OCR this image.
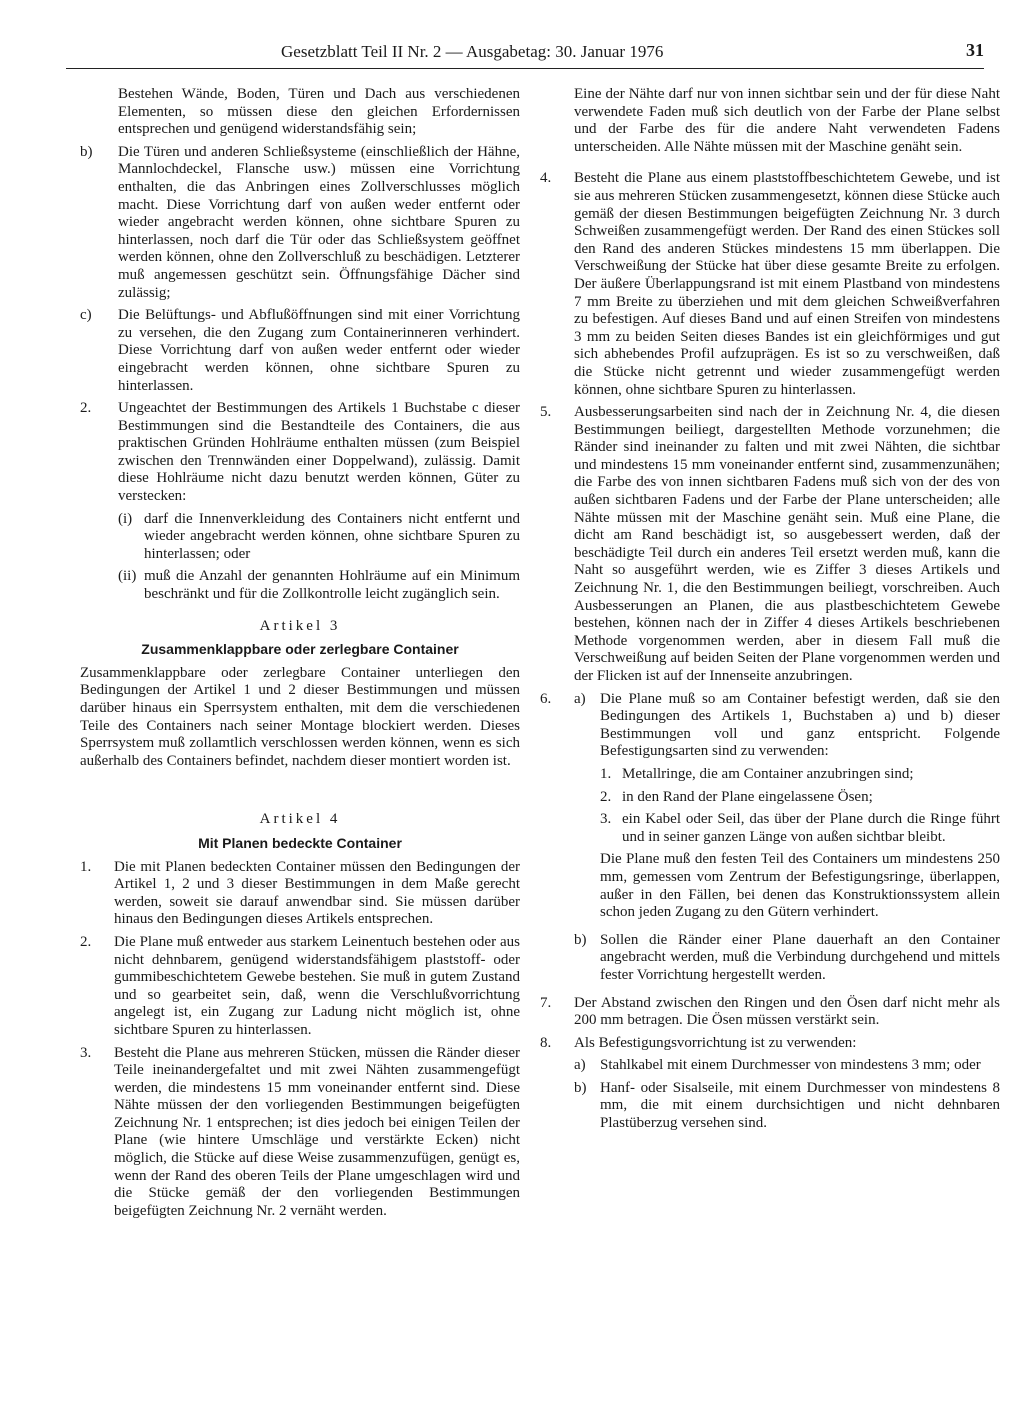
Gesetzblatt Teil II Nr. 2 — Ausgabetag: 30. Januar 1976	31

Bestehen Wände, Boden, Türen und Dach aus verschiedenen Elementen, so müssen diese den gleichen Erfordernissen entsprechen und genügend widerstandsfähig sein;

b)	Die Türen und anderen Schließsysteme (einschließlich der Hähne, Mannlochdeckel, Flansche usw.) müssen eine Vorrichtung enthalten, die das Anbringen eines Zollverschlusses möglich macht. Diese Vorrichtung darf von außen weder entfernt oder wieder angebracht werden können, ohne sichtbare Spuren zu hinterlassen, noch darf die Tür oder das Schließsystem geöffnet werden können, ohne den Zollverschluß zu beschädigen. Letzterer muß angemessen geschützt sein. Öffnungsfähige Dächer sind zulässig;
c)	Die Belüftungs- und Abflußöffnungen sind mit einer Vorrichtung zu versehen, die den Zugang zum Containerinneren verhindert. Diese Vorrichtung darf von außen weder entfernt oder wieder eingebracht werden können, ohne sichtbare Spuren zu hinterlassen.
2.	Ungeachtet der Bestimmungen des Artikels 1 Buchstabe c dieser Bestimmungen sind die Bestandteile des Containers, die aus praktischen Gründen Hohlräume enthalten müssen (zum Beispiel zwischen den Trennwänden einer Doppelwand), zulässig. Damit diese Hohlräume nicht dazu benutzt werden können, Güter zu verstecken:
(i) darf die Innenverkleidung des Containers nicht entfernt und wieder angebracht werden können, ohne sichtbare Spuren zu hinterlassen; oder
(ii) muß die Anzahl der genannten Hohlräume auf ein Minimum beschränkt und für die Zollkontrolle leicht zugänglich sein.
Artikel 3
Zusammenklappbare oder zerlegbare Container

Zusammenklappbare oder zerlegbare Container unterliegen den Bedingungen der Artikel 1 und 2 dieser Bestimmungen und müssen darüber hinaus ein Sperrsystem enthalten, mit dem die verschiedenen Teile des Containers nach seiner Montage blockiert werden. Dieses Sperrsystem muß zollamtlich verschlossen werden können, wenn es sich außerhalb des Containers befindet, nachdem dieser montiert worden ist.

Artikel 4
Mit Planen bedeckte Container
1.	Die mit Planen bedeckten Container müssen den Bedingungen der Artikel 1, 2 und 3 dieser Bestimmungen in dem Maße gerecht werden, soweit sie darauf anwendbar sind. Sie müssen darüber hinaus den Bedingungen dieses Artikels entsprechen.
2.	Die Plane muß entweder aus starkem Leinentuch bestehen oder aus nicht dehnbarem, genügend widerstandsfähigem plaststoff- oder gummibeschichtetem Gewebe bestehen. Sie muß in gutem Zustand und so gearbeitet sein, daß, wenn die Verschlußvorrichtung angelegt ist, ein Zugang zur Ladung nicht möglich ist, ohne sichtbare Spuren zu hinterlassen.
3.	Besteht die Plane aus mehreren Stücken, müssen die Ränder dieser Teile ineinandergefaltet und mit zwei Nähten zusammengefügt werden, die mindestens 15 mm voneinander entfernt sind. Diese Nähte müssen der den vorliegenden Bestimmungen beigefügten Zeichnung Nr. 1 entsprechen; ist dies jedoch bei einigen Teilen der Plane (wie hintere Umschläge und verstärkte Ecken) nicht möglich, die Stücke auf diese Weise zusammenzufügen, genügt es, wenn der Rand des oberen Teils der Plane umgeschlagen wird und die Stücke gemäß der den vorliegenden Bestimmungen beigefügten Zeichnung Nr. 2 vernäht werden.

Eine der Nähte darf nur von innen sichtbar sein und der für diese Naht verwendete Faden muß sich deutlich von der Farbe der Plane selbst und der Farbe des für die andere Naht verwendeten Fadens unterscheiden. Alle Nähte müssen mit der Maschine genäht sein.

4.	Besteht die Plane aus einem plaststoffbeschichtetem Gewebe, und ist sie aus mehreren Stücken zusammengesetzt, können diese Stücke auch gemäß der diesen Bestimmungen beigefügten Zeichnung Nr. 3 durch Schweißen zusammengefügt werden. Der Rand des einen Stückes soll den Rand des anderen Stückes mindestens 15 mm überlappen. Die Verschweißung der Stücke hat über diese gesamte Breite zu erfolgen. Der äußere Überlappungsrand ist mit einem Plastband von mindestens 7 mm Breite zu überziehen und mit dem gleichen Schweißverfahren zu befestigen. Auf dieses Band und auf einen Streifen von mindestens 3 mm zu beiden Seiten dieses Bandes ist ein gleichförmiges und gut sich abhebendes Profil aufzuprägen. Es ist so zu verschweißen, daß die Stücke nicht getrennt und wieder zusammengefügt werden können, ohne sichtbare Spuren zu hinterlassen.
5.	Ausbesserungsarbeiten sind nach der in Zeichnung Nr. 4, die diesen Bestimmungen beiliegt, dargestellten Methode vorzunehmen; die Ränder sind ineinander zu falten und mit zwei Nähten, die sichtbar und mindestens 15 mm voneinander entfernt sind, zusammenzunähen; die Farbe des von innen sichtbaren Fadens muß sich von der des von außen sichtbaren Fadens und der Farbe der Plane unterscheiden; alle Nähte müssen mit der Maschine genäht sein. Muß eine Plane, die dicht am Rand beschädigt ist, so ausgebessert werden, daß der beschädigte Teil durch ein anderes Teil ersetzt werden muß, kann die Naht so ausgeführt werden, wie es Ziffer 3 dieses Artikels und Zeichnung Nr. 1, die den Bestimmungen beiliegt, vorschreiben. Auch Ausbesserungen an Planen, die aus plastbeschichtetem Gewebe bestehen, können nach der in Ziffer 4 dieses Artikels beschriebenen Methode vorgenommen werden, aber in diesem Fall muß die Verschweißung auf beiden Seiten der Plane vorgenommen werden und der Flicken ist auf der Innenseite anzubringen.
6.	a) Die Plane muß so am Container befestigt werden, daß sie den Bedingungen des Artikels 1, Buchstaben a) und b) dieser Bestimmungen voll und ganz entspricht. Folgende Befestigungsarten sind zu verwenden:

1. Metallringe, die am Container anzubringen sind;
2. in den Rand der Plane eingelassene Ösen;
3. ein Kabel oder Seil, das über der Plane durch die Ringe führt und in seiner ganzen Länge von außen sichtbar bleibt.

Die Plane muß den festen Teil des Containers um mindestens 250 mm, gemessen vom Zentrum der Befestigungsringe, überlappen, außer in den Fällen, bei denen das Konstruktionssystem allein schon jeden Zugang zu den Gütern verhindert.

b) Sollen die Ränder einer Plane dauerhaft an den Container angebracht werden, muß die Verbindung durchgehend und mittels fester Vorrichtung hergestellt werden.
7.	Der Abstand zwischen den Ringen und den Ösen darf nicht mehr als 200 mm betragen. Die Ösen müssen verstärkt sein.
8.	Als Befestigungsvorrichtung ist zu verwenden:

a) Stahlkabel mit einem Durchmesser von mindestens 3 mm; oder
b) Hanf- oder Sisalseile, mit einem Durchmesser von mindestens 8 mm, die mit einem durchsichtigen und nicht dehnbaren Plastüberzug versehen sind.
